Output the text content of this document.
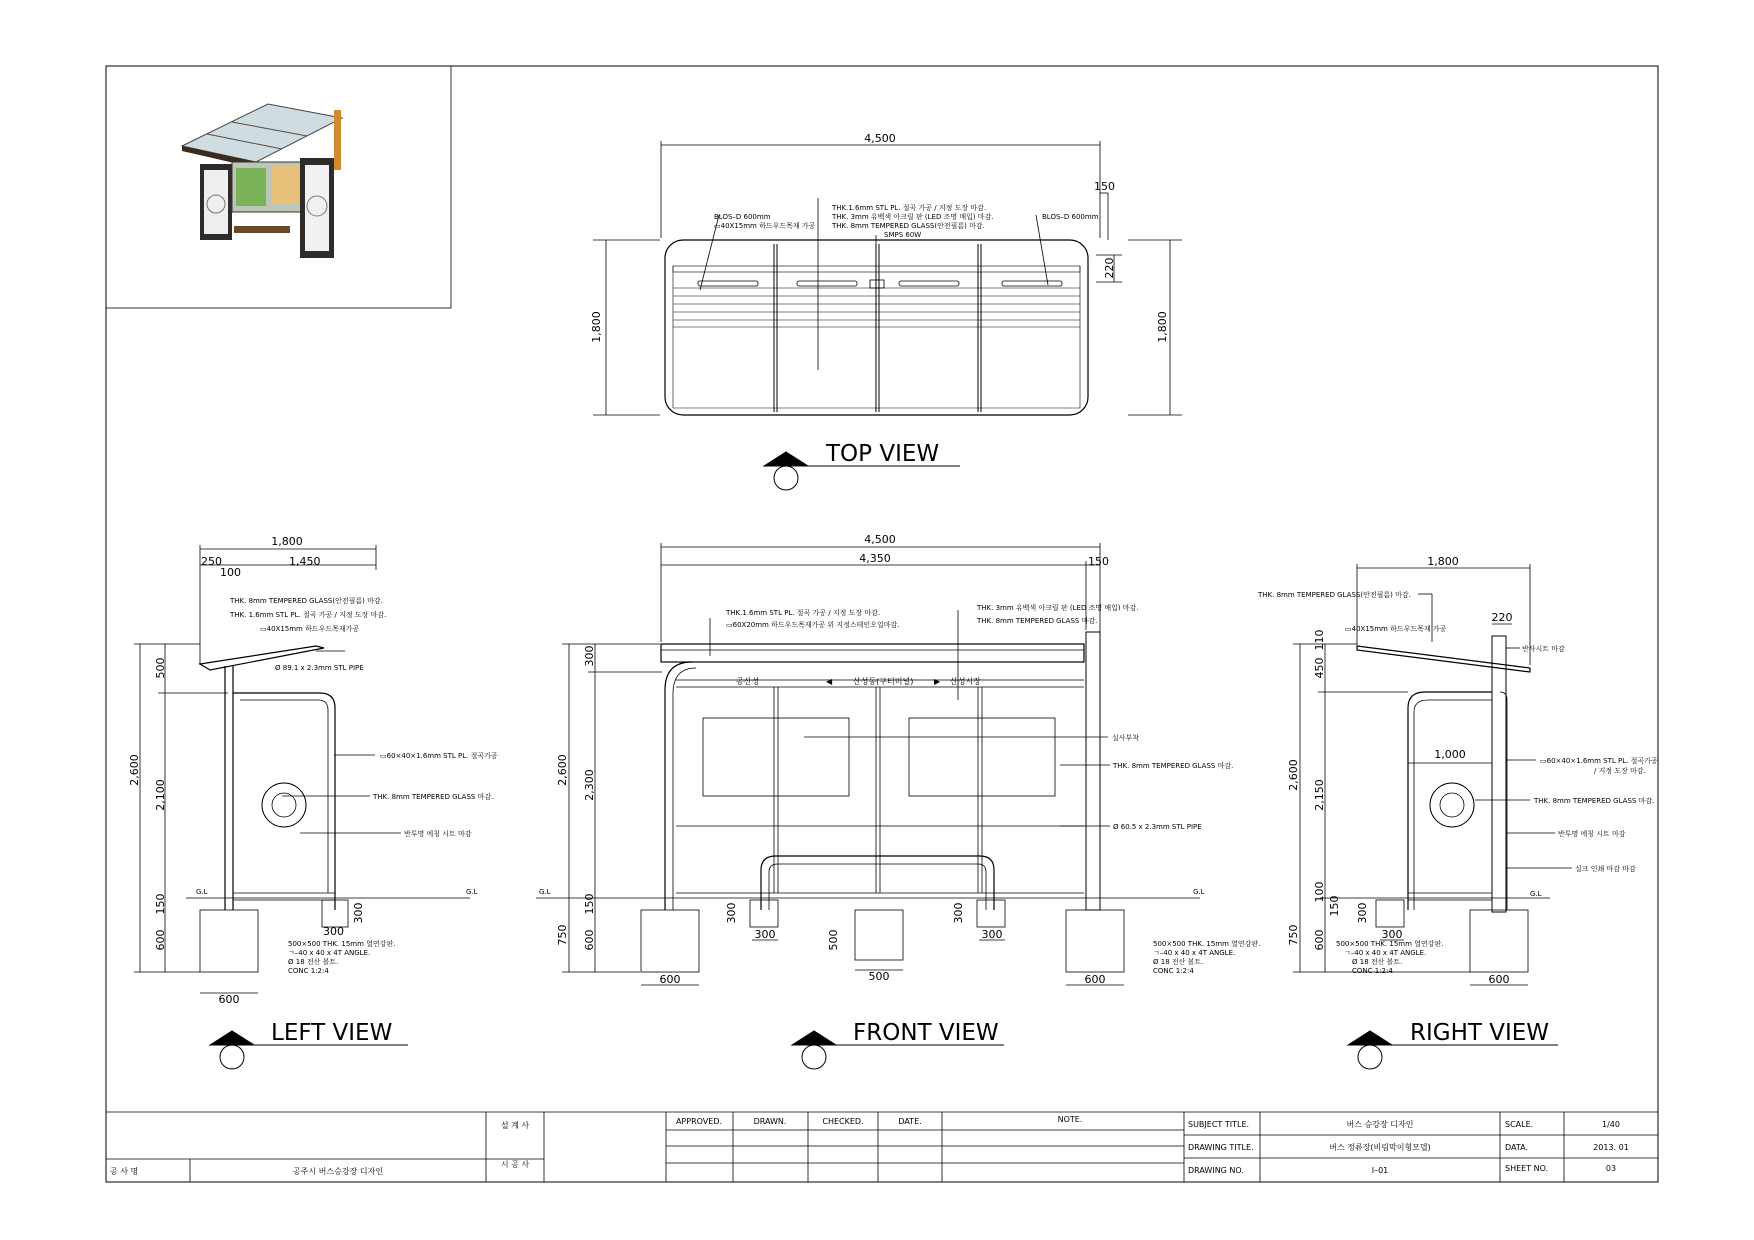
4,500
1,800	1,800
150
220
BLOS–D 600mm
▭40X15mm 하드우드목재 가공
THK.1.6mm STL PL. 절곡 가공 / 지정 도장 마감.
THK. 3mm 유백색 아크릴 판 (LED 조명 매입) 마감.
THK. 8mm TEMPERED GLASS(안전필름) 마감.
SMPS 60W
BLOS–D 600mm
TOP VIEW
1,800
250	1,450
100
2,600
500
2,100
150
600	300
300
600
THK. 8mm TEMPERED GLASS(안전필름) 마감.
THK. 1.6mm STL PL. 절곡 가공 / 지정 도장 마감.
▭40X15mm 하드우드목재가공
Ø 89.1 x 2.3mm STL PIPE
▭60×40×1.6mm STL PL. 절곡가공
THK. 8mm TEMPERED GLASS 마감.
반투명 에칭 시트 마감
500×500 THK. 15mm 열연강판.
ㄱ–40 x 40 x 4T ANGLE.
Ø 18 전산 볼트.
CONC 1:2:4
G.L	G.L
LEFT VIEW
4,500
4,350	150
2,600
300
2,300
150
750 600
600
300
300	500
500
300
300
600
THK.1.6mm STL PL. 절곡 가공 / 지정 도장 마감.
▭60X20mm 하드우드목재가공 위 지정스테인오일마감.
THK. 3mm 유백색 아크릴 판 (LED 조명 매입) 마감.
THK. 8mm TEMPERED GLASS 마감.
공산성	◀	산성동(구터미널)	▶ 산성시장
실사부착
THK. 8mm TEMPERED GLASS 마감.
Ø 60.5 x 2.3mm STL PIPE
500×500 THK. 15mm 열연강판.
ㄱ–40 x 40 x 4T ANGLE.
Ø 18 전산 볼트.
CONC 1:2:4
G.L	G.L
FRONT VIEW
1,800
220
110
450
2,600
2,150
100
150
750 600
300
300
1,000
600
THK. 8mm TEMPERED GLASS(안전필름) 마감.
▭40X15mm 하드우드목재 가공
반사시트 마감
▭60×40×1.6mm STL PL. 절곡가공
/ 지정 도장 마감.
THK. 8mm TEMPERED GLASS 마감.
반투명 에칭 시트 마감
실크 인쇄 마감 마감
500×500 THK. 15mm 열연강판.
ㄱ–40 x 40 x 4T ANGLE.
Ø 18 전산 볼트.
CONC 1:2:4
G.L
RIGHT VIEW
공 사 명	공주시 버스승강장 디자인
설 계 사
시 공 사
APPROVED.	DRAWN.	CHECKED.	DATE.	NOTE.
SUBJECT TITLE.	버스 승강장 디자인
DRAWING TITLE.	버스 정류장(비림막이형모델)
DRAWING NO.	I–01
SCALE.	1/40
DATA.	2013. 01
SHEET NO.	03
